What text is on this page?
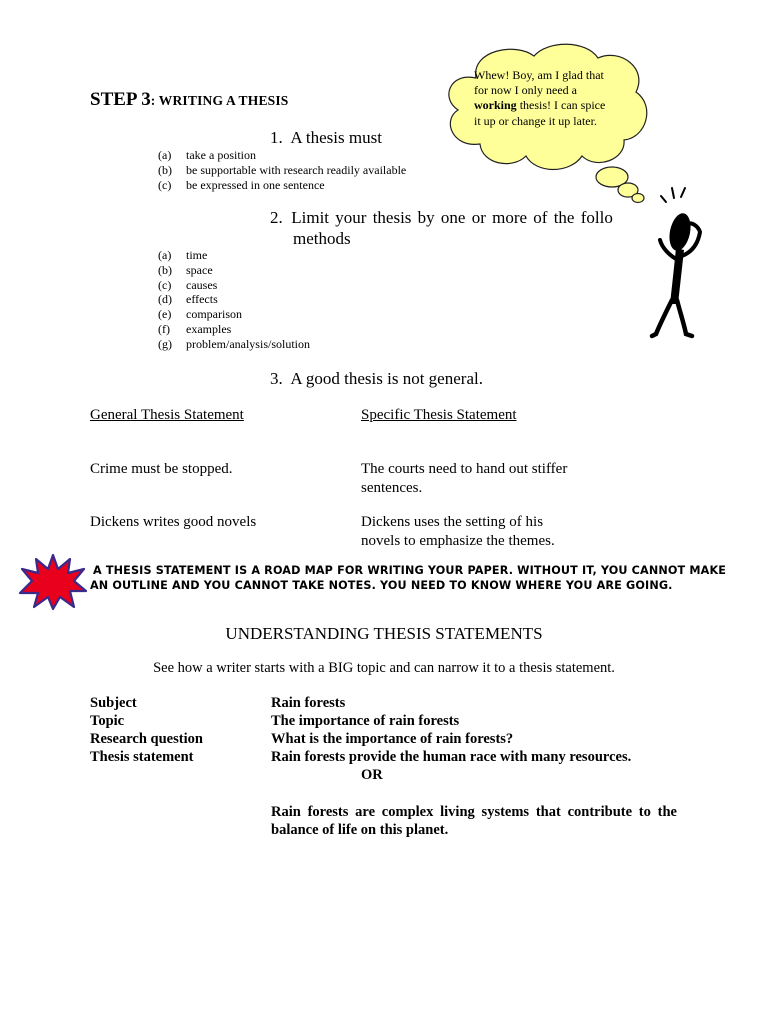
STEP 3: WRITING A THESIS
Whew! Boy, am I glad that for now I only need a working thesis! I can spice it up or change it up later.
1. A thesis must
(a)	take a position
(b)	be supportable with research readily available
(c)	be expressed in one sentence
2. Limit your thesis by one or more of the follo
methods
(a)	time
(b)	space
(c)	causes
(d)	effects
(e)	comparison
(f)	examples
(g)	problem/analysis/solution
3. A good thesis is not general.
General Thesis Statement	Specific Thesis Statement
Crime must be stopped.	The courts need to hand out stiffer
sentences.
Dickens writes good novels	Dickens uses the setting of his
novels to emphasize the themes.
A THESIS STATEMENT IS A ROAD MAP FOR WRITING YOUR PAPER. WITHOUT IT, YOU CANNOT MAKE
AN OUTLINE AND YOU CANNOT TAKE NOTES. YOU NEED TO KNOW WHERE YOU ARE GOING.
UNDERSTANDING THESIS STATEMENTS
See how a writer starts with a BIG topic and can narrow it to a thesis statement.
Subject	Rain forests
Topic	The importance of rain forests
Research question	What is the importance of rain forests?
Thesis statement	Rain forests provide the human race with many resources.
OR
Rain forests are complex living systems that contribute to the balance of life on this planet.
